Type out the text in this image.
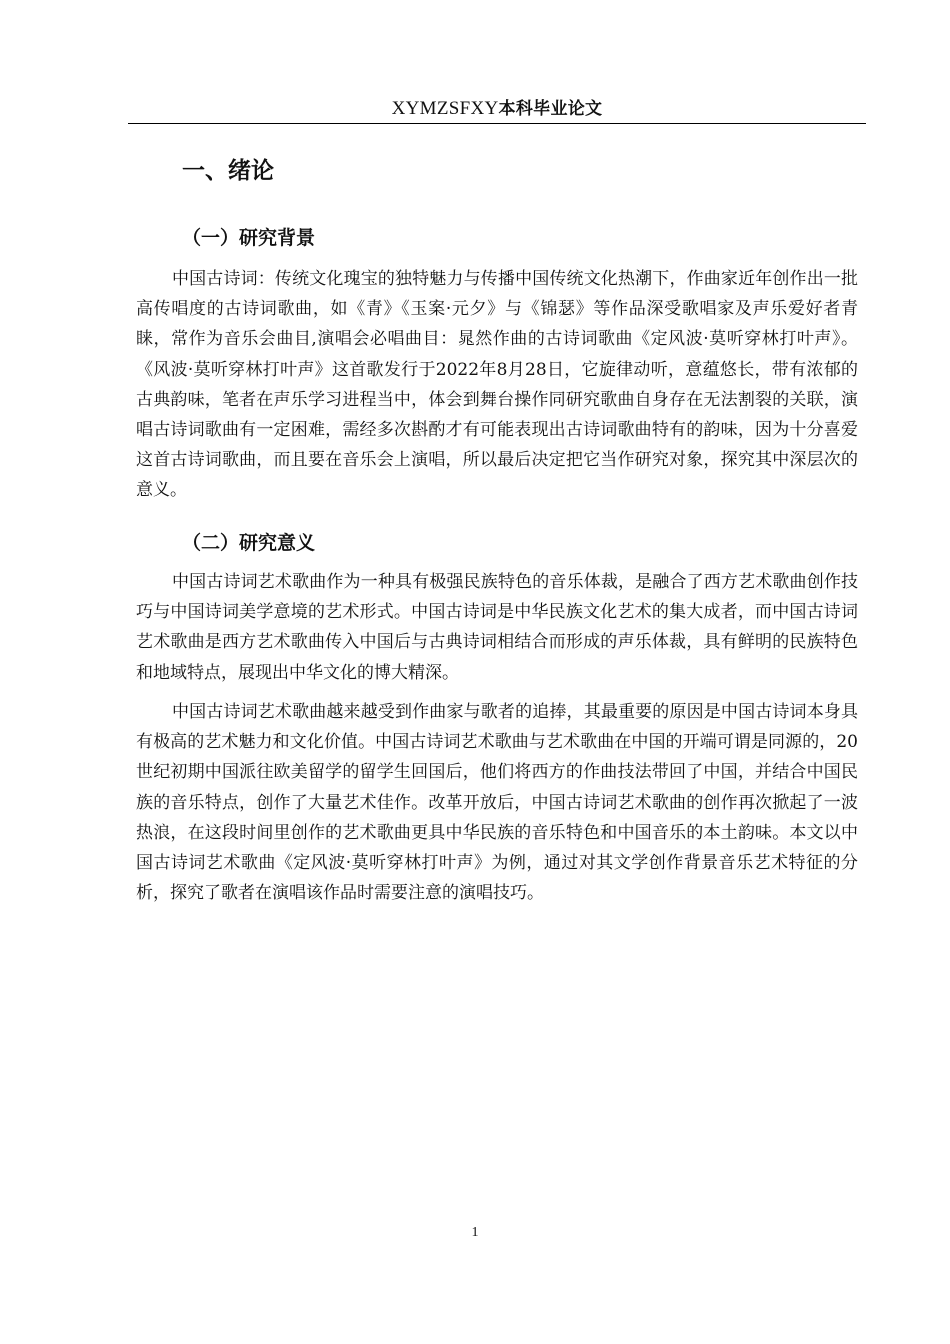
XYMZSFXY本科毕业论文
一、绪论
（一）研究背景

中国古诗词：传统文化瑰宝的独特魅力与传播中国传统文化热潮下，作曲家近年创作出一批高传唱度的古诗词歌曲，如《青》《玉案·元夕》与《锦瑟》等作品深受歌唱家及声乐爱好者青睐，常作为音乐会曲目,演唱会必唱曲目：晁然作曲的古诗词歌曲《定风波·莫听穿林打叶声》。《风波·莫听穿林打叶声》这首歌发行于2022年8月28日，它旋律动听，意蕴悠长，带有浓郁的古典韵味，笔者在声乐学习进程当中，体会到舞台操作同研究歌曲自身存在无法割裂的关联，演唱古诗词歌曲有一定困难，需经多次斟酌才有可能表现出古诗词歌曲特有的韵味，因为十分喜爱这首古诗词歌曲，而且要在音乐会上演唱，所以最后决定把它当作研究对象，探究其中深层次的意义。

（二）研究意义

中国古诗词艺术歌曲作为一种具有极强民族特色的音乐体裁，是融合了西方艺术歌曲创作技巧与中国诗词美学意境的艺术形式。中国古诗词是中华民族文化艺术的集大成者，而中国古诗词艺术歌曲是西方艺术歌曲传入中国后与古典诗词相结合而形成的声乐体裁，具有鲜明的民族特色和地域特点，展现出中华文化的博大精深。

中国古诗词艺术歌曲越来越受到作曲家与歌者的追捧，其最重要的原因是中国古诗词本身具有极高的艺术魅力和文化价值。中国古诗词艺术歌曲与艺术歌曲在中国的开端可谓是同源的，20世纪初期中国派往欧美留学的留学生回国后，他们将西方的作曲技法带回了中国，并结合中国民族的音乐特点，创作了大量艺术佳作。改革开放后，中国古诗词艺术歌曲的创作再次掀起了一波热浪，在这段时间里创作的艺术歌曲更具中华民族的音乐特色和中国音乐的本土韵味。本文以中国古诗词艺术歌曲《定风波·莫听穿林打叶声》为例，通过对其文学创作背景音乐艺术特征的分析，探究了歌者在演唱该作品时需要注意的演唱技巧。

1
